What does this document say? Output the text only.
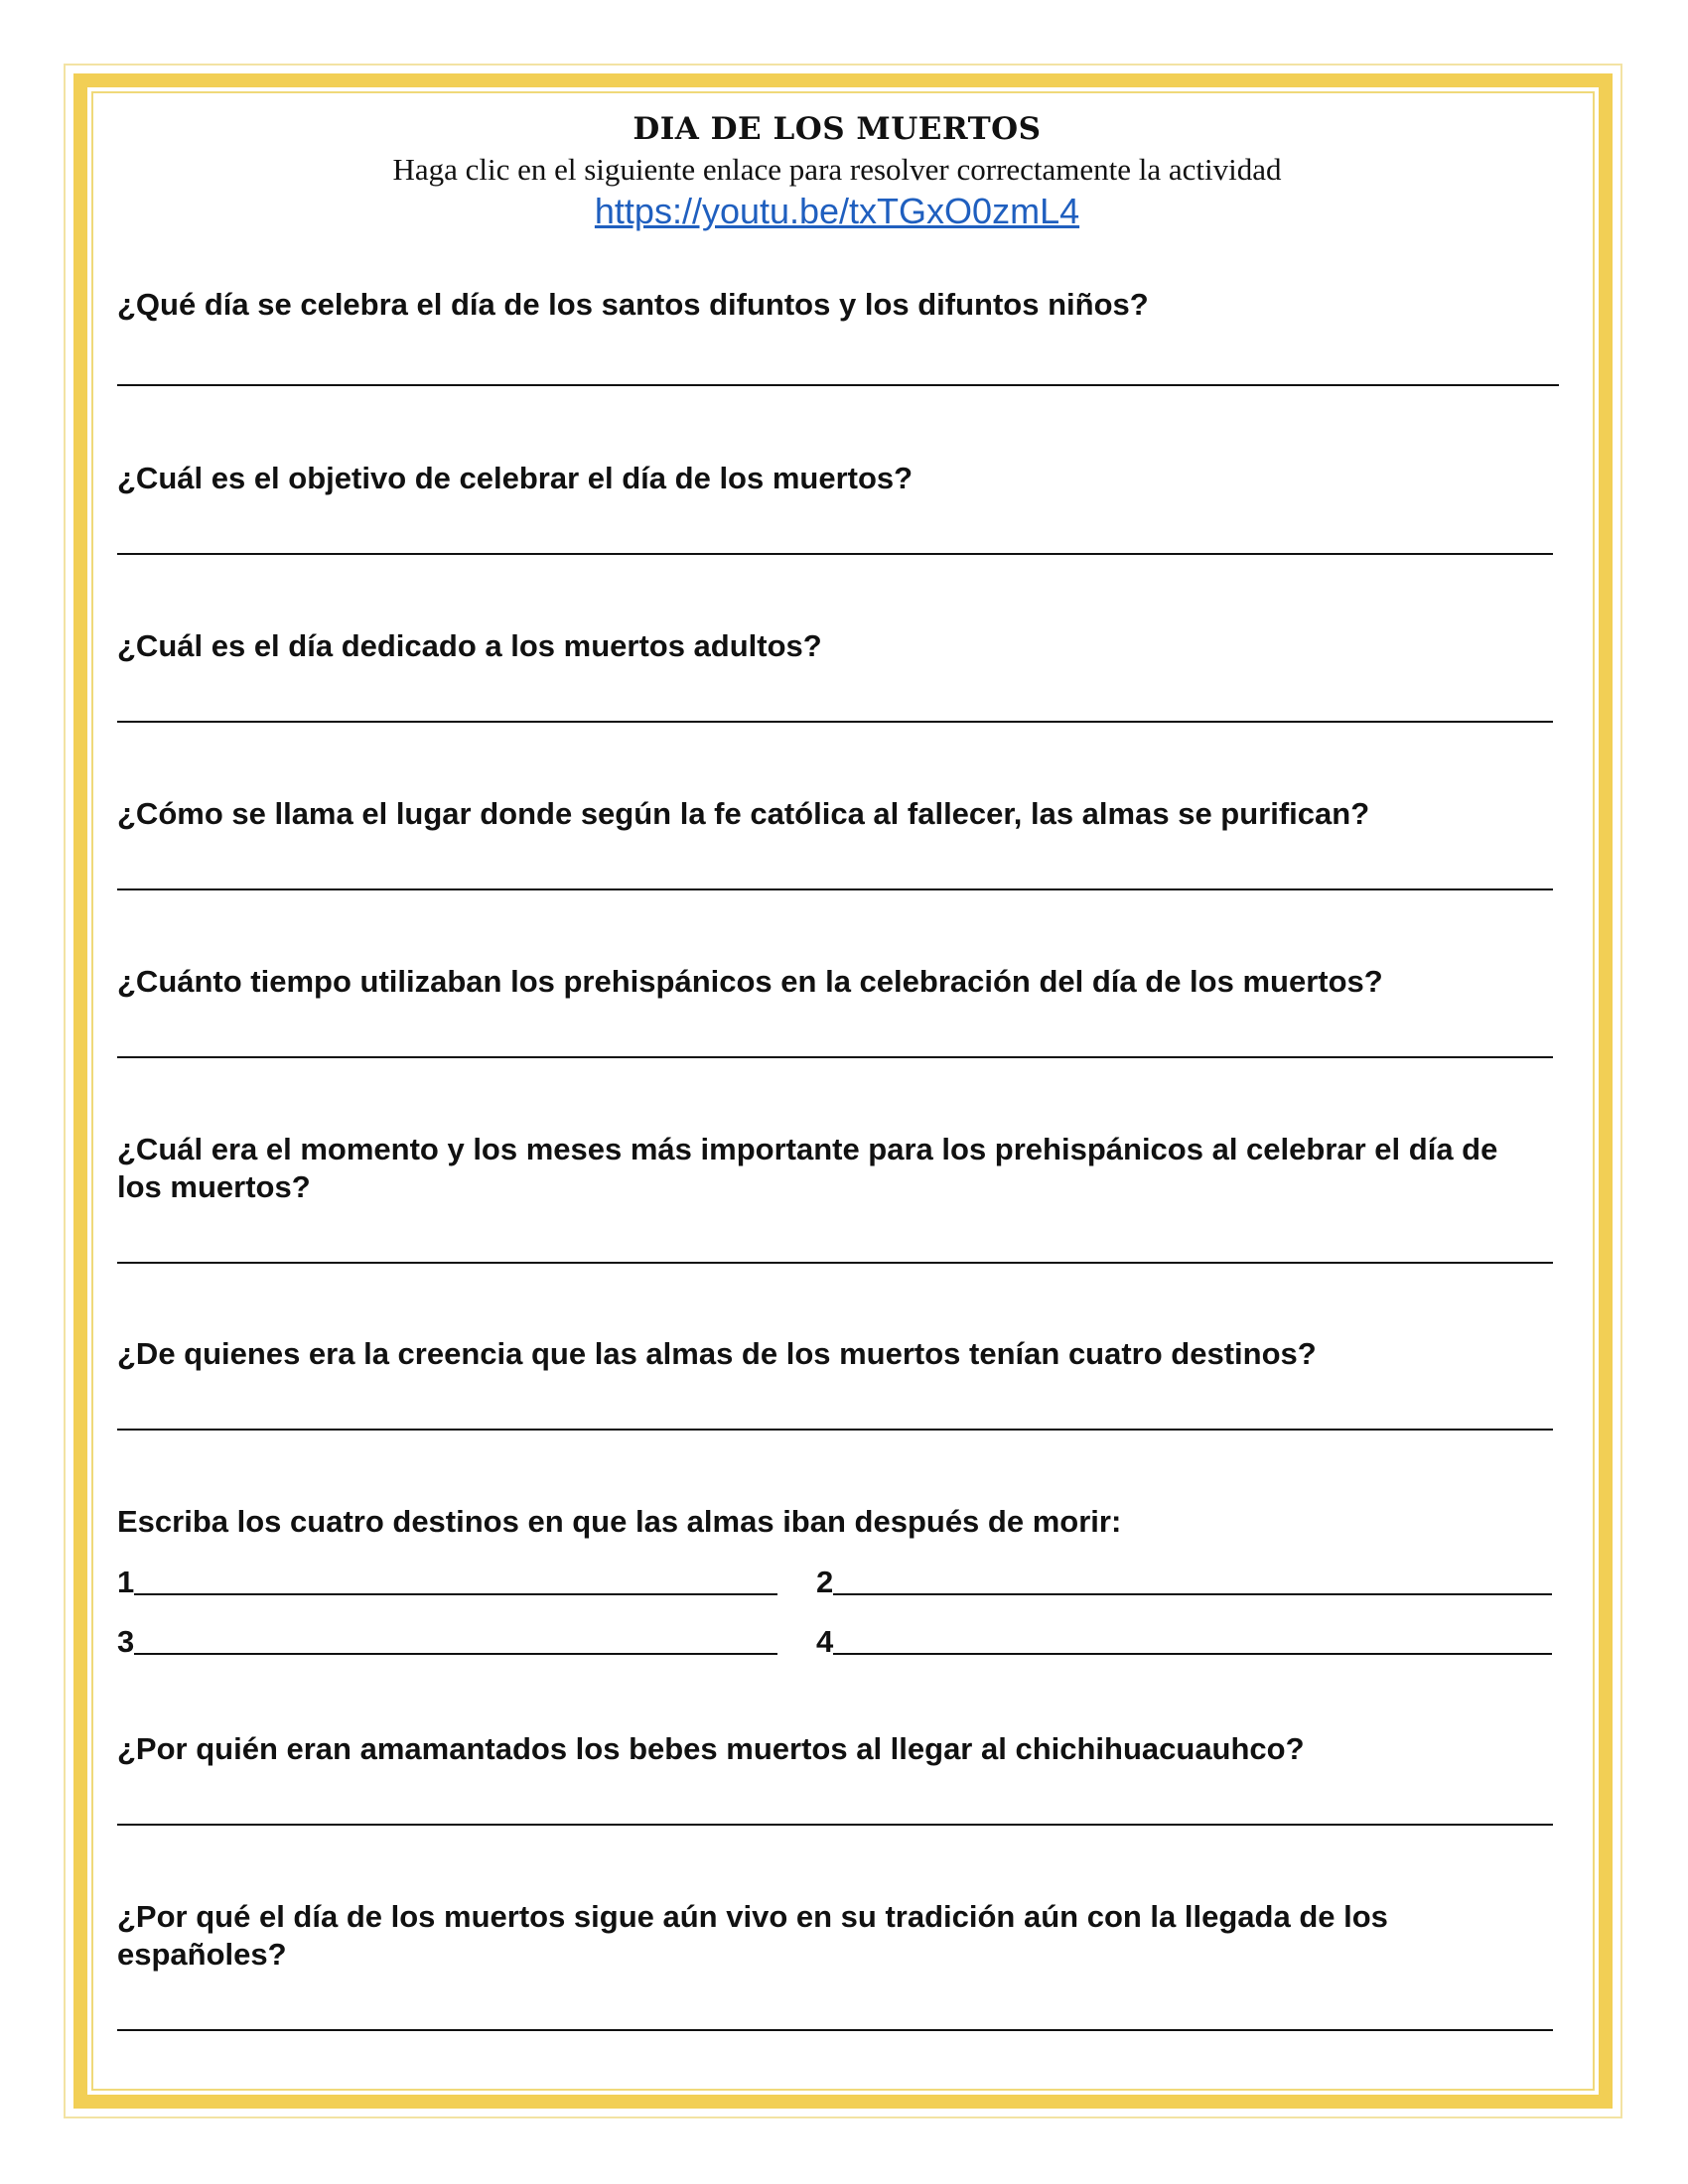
DIA DE LOS MUERTOS

Haga clic en el siguiente enlace para resolver correctamente la actividad

https://youtu.be/txTGxO0zmL4

¿Qué día se celebra el día de los santos difuntos y los difuntos niños?

¿Cuál es el objetivo de celebrar el día de los muertos?

¿Cuál es el día dedicado a los muertos adultos?

¿Cómo se llama el lugar donde según la fe católica al fallecer, las almas se purifican?

¿Cuánto tiempo utilizaban los prehispánicos en la celebración del día de los muertos?

¿Cuál era el momento y los meses más importante para los prehispánicos al celebrar el día de los muertos?

¿De quienes era la creencia que las almas de los muertos tenían cuatro destinos?

Escriba los cuatro destinos en que las almas iban después de morir:

1	2
3	4

¿Por quién eran amamantados los bebes muertos al llegar al chichihuacuauhco?

¿Por qué el día de los muertos sigue aún vivo en su tradición aún con la llegada de los españoles?
